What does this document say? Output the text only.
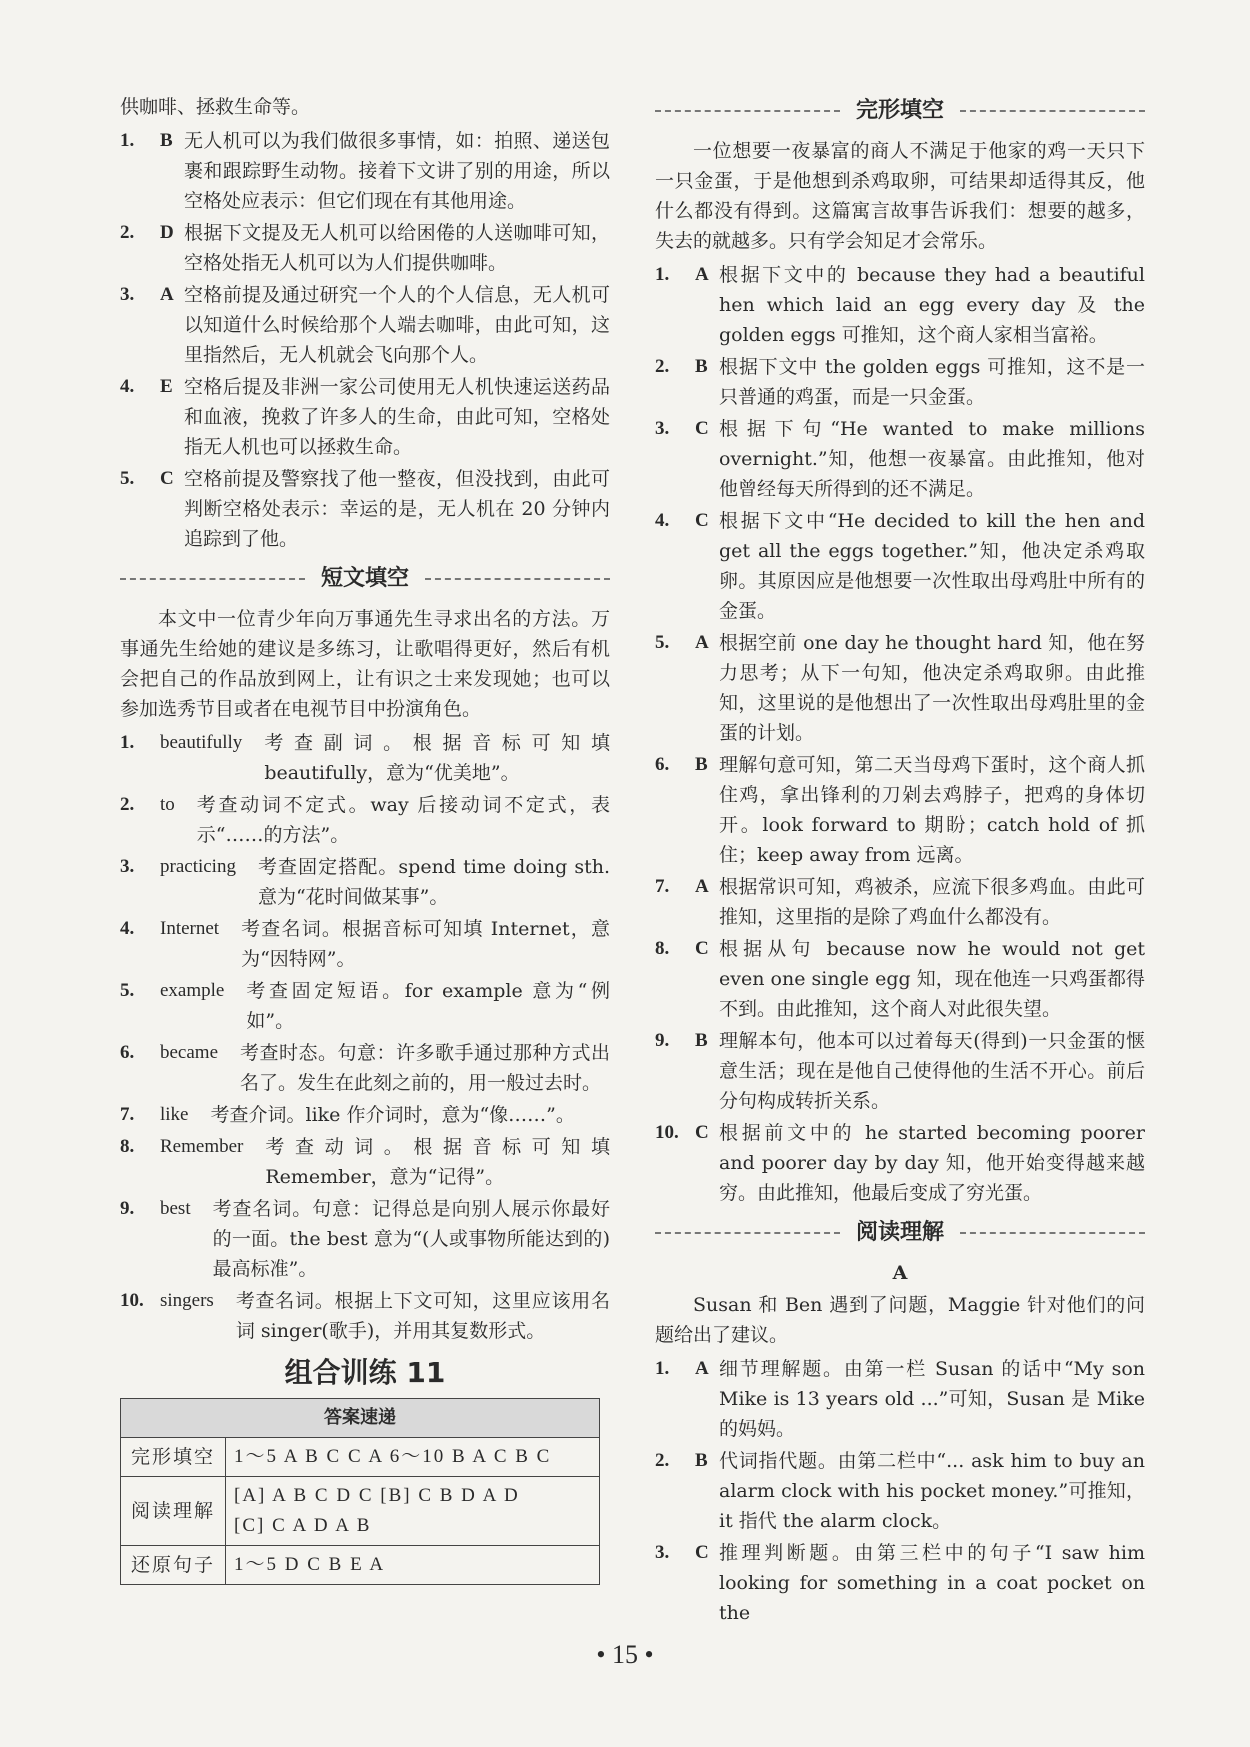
供咖啡、拯救生命等。
1.	B 无人机可以为我们做很多事情，如：拍照、递送包裹和跟踪野生动物。接着下文讲了别的用途，所以空格处应表示：但它们现在有其他用途。
2.	D 根据下文提及无人机可以给困倦的人送咖啡可知，空格处指无人机可以为人们提供咖啡。
3.	A 空格前提及通过研究一个人的个人信息，无人机可以知道什么时候给那个人端去咖啡，由此可知，这里指然后，无人机就会飞向那个人。
4.	E 空格后提及非洲一家公司使用无人机快速运送药品和血液，挽救了许多人的生命，由此可知，空格处指无人机也可以拯救生命。
5.	C 空格前提及警察找了他一整夜，但没找到，由此可判断空格处表示：幸运的是，无人机在 20 分钟内追踪到了他。
短文填空
本文中一位青少年向万事通先生寻求出名的方法。万事通先生给她的建议是多练习，让歌唱得更好，然后有机会把自己的作品放到网上，让有识之士来发现她；也可以参加选秀节目或者在电视节目中扮演角色。
1.	beautifully 考查副词。根据音标可知填 beautifully，意为“优美地”。
2.	to 考查动词不定式。way 后接动词不定式，表示“……的方法”。
3.	practicing 考查固定搭配。spend time doing sth. 意为“花时间做某事”。
4.	Internet 考查名词。根据音标可知填 Internet，意为“因特网”。
5.	example 考查固定短语。for example 意为“例如”。
6.	became 考查时态。句意：许多歌手通过那种方式出名了。发生在此刻之前的，用一般过去时。
7.	like 考查介词。like 作介词时，意为“像……”。
8.	Remember 考查动词。根据音标可知填 Remember，意为“记得”。
9.	best 考查名词。句意：记得总是向别人展示你最好的一面。the best 意为“(人或事物所能达到的)最高标准”。
10. singers 考查名词。根据上下文可知，这里应该用名词 singer(歌手)，并用其复数形式。
组合训练 11
答案速递	
完形填空	1～5 A B C C A 6～10 B A C B C

阅读理解	[A] A B C D C [B] C B D A D
[C] C A D A B

还原句子	1～5 D C B E A
完形填空
一位想要一夜暴富的商人不满足于他家的鸡一天只下一只金蛋，于是他想到杀鸡取卵，可结果却适得其反，他什么都没有得到。这篇寓言故事告诉我们：想要的越多，失去的就越多。只有学会知足才会常乐。
1.	A 根据下文中的 because they had a beautiful hen which laid an egg every day 及 the golden eggs 可推知，这个商人家相当富裕。
2.	B 根据下文中 the golden eggs 可推知，这不是一只普通的鸡蛋，而是一只金蛋。
3.	C 根据下句“He wanted to make millions overnight.”知，他想一夜暴富。由此推知，他对他曾经每天所得到的还不满足。
4.	C 根据下文中“He decided to kill the hen and get all the eggs together.”知，他决定杀鸡取卵。其原因应是他想要一次性取出母鸡肚中所有的金蛋。
5.	A 根据空前 one day he thought hard 知，他在努力思考；从下一句知，他决定杀鸡取卵。由此推知，这里说的是他想出了一次性取出母鸡肚里的金蛋的计划。
6.	B 理解句意可知，第二天当母鸡下蛋时，这个商人抓住鸡，拿出锋利的刀剁去鸡脖子，把鸡的身体切开。look forward to 期盼；catch hold of 抓住；keep away from 远离。
7.	A 根据常识可知，鸡被杀，应流下很多鸡血。由此可推知，这里指的是除了鸡血什么都没有。
8.	C 根据从句 because now he would not get even one single egg 知，现在他连一只鸡蛋都得不到。由此推知，这个商人对此很失望。
9.	B 理解本句，他本可以过着每天(得到)一只金蛋的惬意生活；现在是他自己使得他的生活不开心。前后分句构成转折关系。
10. C 根据前文中的 he started becoming poorer and poorer day by day 知，他开始变得越来越穷。由此推知，他最后变成了穷光蛋。
阅读理解
A
Susan 和 Ben 遇到了问题，Maggie 针对他们的问题给出了建议。
1.	A 细节理解题。由第一栏 Susan 的话中“My son Mike is 13 years old ...”可知，Susan 是 Mike 的妈妈。
2.	B 代词指代题。由第二栏中“... ask him to buy an alarm clock with his pocket money.”可推知，it 指代 the alarm clock。
3.	C 推理判断题。由第三栏中的句子“I saw him looking for something in a coat pocket on the
• 15 •
